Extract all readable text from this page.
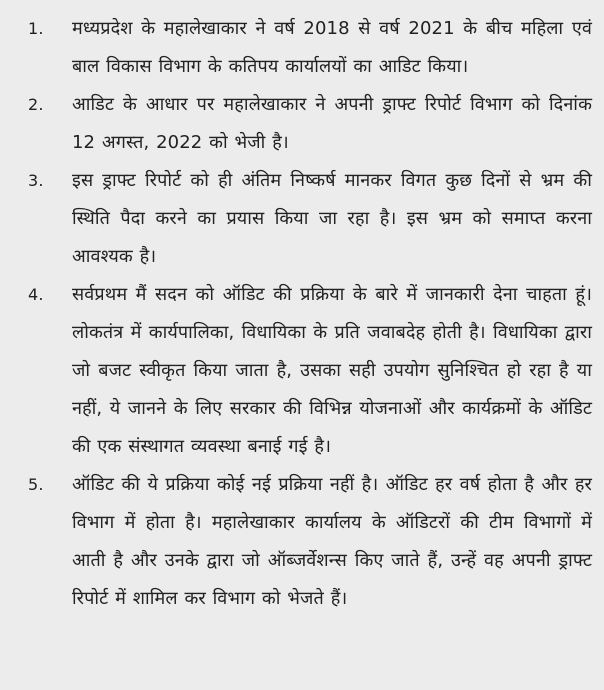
1.	मध्यप्रदेश के महालेखाकार ने वर्ष 2018 से वर्ष 2021 के बीच महिला एवं बाल विकास विभाग के कतिपय कार्यालयों का आडिट किया।
2.	आडिट के आधार पर महालेखाकार ने अपनी ड्राफ्ट रिपोर्ट विभाग को दिनांक 12 अगस्त, 2022 को भेजी है।
3.	इस ड्राफ्ट रिपोर्ट को ही अंतिम निष्कर्ष मानकर विगत कुछ दिनों से भ्रम की स्थिति पैदा करने का प्रयास किया जा रहा है। इस भ्रम को समाप्त करना आवश्यक है।
4.	सर्वप्रथम मैं सदन को ऑडिट की प्रक्रिया के बारे में जानकारी देना चाहता हूं। लोकतंत्र में कार्यपालिका, विधायिका के प्रति जवाबदेह होती है। विधायिका द्वारा जो बजट स्वीकृत किया जाता है, उसका सही उपयोग सुनिश्चित हो रहा है या नहीं, ये जानने के लिए सरकार की विभिन्न योजनाओं और कार्यक्रमों के ऑडिट की एक संस्थागत व्यवस्था बनाई गई है।
5.	ऑडिट की ये प्रक्रिया कोई नई प्रक्रिया नहीं है। ऑडिट हर वर्ष होता है और हर विभाग में होता है। महालेखाकार कार्यालय के ऑडिटरों की टीम विभागों में आती है और उनके द्वारा जो ऑब्जर्वेशन्स किए जाते हैं, उन्हें वह अपनी ड्राफ्ट रिपोर्ट में शामिल कर विभाग को भेजते हैं।
